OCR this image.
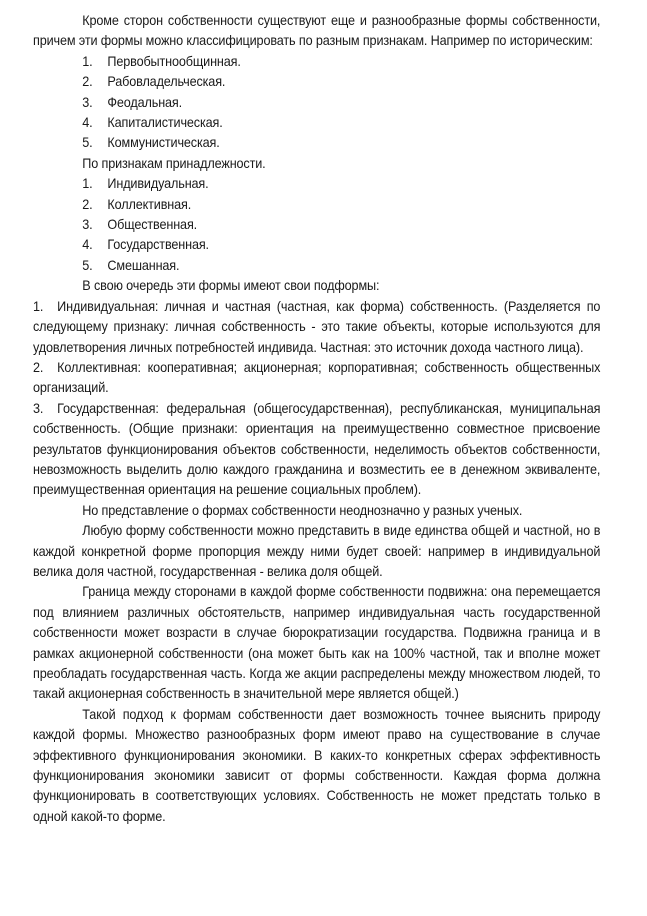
Кроме сторон собственности существуют еще и разнообразные формы собственности, причем эти формы можно классифицировать по разным признакам. Например по историческим:

1.	Первобытнообщинная.
2.	Рабовладельческая.
3.	Феодальная.
4.	Капиталистическая.
5.	Коммунистическая.

По признакам принадлежности.

1.	Индивидуальная.
2.	Коллективная.
3.	Общественная.
4.	Государственная.
5.	Смешанная.

В свою очередь эти формы имеют свои подформы:

1. Индивидуальная: личная и частная (частная, как форма) собственность. (Разделяется по следующему признаку: личная собственность - это такие объекты, которые используются для удовлетворения личных потребностей индивида. Частная: это источник дохода частного лица).
2. Коллективная: кооперативная; акционерная; корпоративная; собственность общественных организаций.
3. Государственная: федеральная (общегосударственная), республиканская, муниципальная собственность. (Общие признаки: ориентация на преимущественно совместное присвоение результатов функционирования объектов собственности, неделимость объектов собственности, невозможность выделить долю каждого гражданина и возместить ее в денежном эквиваленте, преимущественная ориентация на решение социальных проблем).

Но представление о формах собственности неоднозначно у разных ученых.

Любую форму собственности можно представить в виде единства общей и частной, но в каждой конкретной форме пропорция между ними будет своей: например в индивидуальной велика доля частной, государственная - велика доля общей.

Граница между сторонами в каждой форме собственности подвижна: она перемещается под влиянием различных обстоятельств, например индивидуальная часть государственной собственности может возрасти в случае бюрократизации государства. Подвижна граница и в рамках акционерной собственности (она может быть как на 100% частной, так и вполне может преобладать государственная часть. Когда же акции распределены между множеством людей, то такай акционерная собственность в значительной мере является общей.)

Такой подход к формам собственности дает возможность точнее выяснить природу каждой формы. Множество разнообразных форм имеют право на существование в случае эффективного функционирования экономики. В каких-то конкретных сферах эффективность функционирования экономики зависит от формы собственности. Каждая форма должна функционировать в соответствующих условиях. Собственность не может предстать только в одной какой-то форме.
